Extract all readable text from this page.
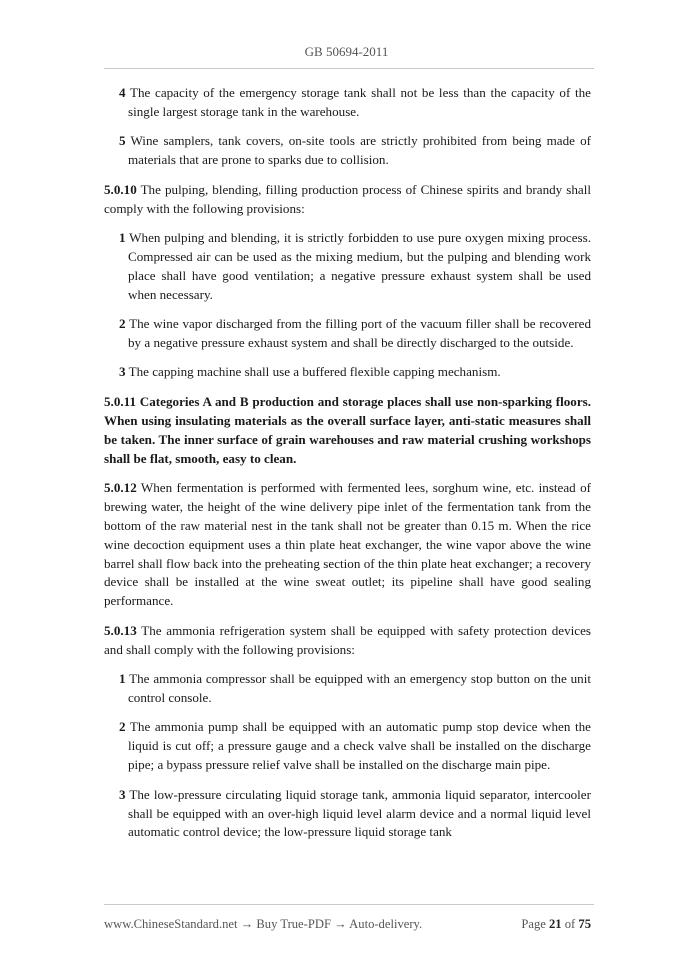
GB 50694-2011

4 The capacity of the emergency storage tank shall not be less than the capacity of the single largest storage tank in the warehouse.

5 Wine samplers, tank covers, on-site tools are strictly prohibited from being made of materials that are prone to sparks due to collision.

5.0.10 The pulping, blending, filling production process of Chinese spirits and brandy shall comply with the following provisions:

1 When pulping and blending, it is strictly forbidden to use pure oxygen mixing process. Compressed air can be used as the mixing medium, but the pulping and blending work place shall have good ventilation; a negative pressure exhaust system shall be used when necessary.

2 The wine vapor discharged from the filling port of the vacuum filler shall be recovered by a negative pressure exhaust system and shall be directly discharged to the outside.

3 The capping machine shall use a buffered flexible capping mechanism.

5.0.11 Categories A and B production and storage places shall use non-sparking floors. When using insulating materials as the overall surface layer, anti-static measures shall be taken. The inner surface of grain warehouses and raw material crushing workshops shall be flat, smooth, easy to clean.

5.0.12 When fermentation is performed with fermented lees, sorghum wine, etc. instead of brewing water, the height of the wine delivery pipe inlet of the fermentation tank from the bottom of the raw material nest in the tank shall not be greater than 0.15 m. When the rice wine decoction equipment uses a thin plate heat exchanger, the wine vapor above the wine barrel shall flow back into the preheating section of the thin plate heat exchanger; a recovery device shall be installed at the wine sweat outlet; its pipeline shall have good sealing performance.

5.0.13 The ammonia refrigeration system shall be equipped with safety protection devices and shall comply with the following provisions:

1 The ammonia compressor shall be equipped with an emergency stop button on the unit control console.

2 The ammonia pump shall be equipped with an automatic pump stop device when the liquid is cut off; a pressure gauge and a check valve shall be installed on the discharge pipe; a bypass pressure relief valve shall be installed on the discharge main pipe.

3 The low-pressure circulating liquid storage tank, ammonia liquid separator, intercooler shall be equipped with an over-high liquid level alarm device and a normal liquid level automatic control device; the low-pressure liquid storage tank

www.ChineseStandard.net → Buy True-PDF → Auto-delivery.	Page 21 of 75
